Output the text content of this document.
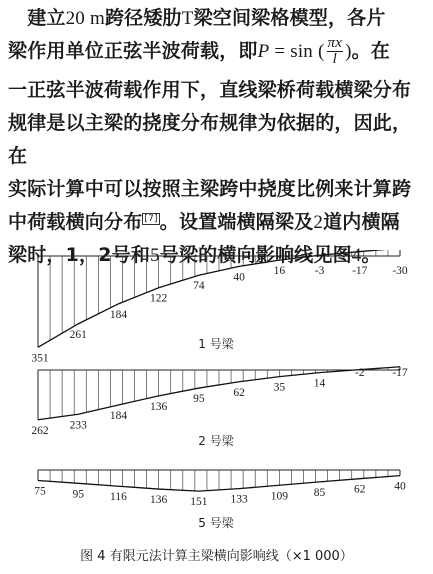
 建立20 m跨径矮肋T梁空间梁格模型，各片
梁作用单位正弦半波荷载，即P = sin ( $\frac{\pi x}{l}$ )。在
一正弦半波荷载作用下，直线梁桥荷载横梁分布
规律是以主梁的挠度分布规律为依据的，因此，在
实际计算中可以按照主梁跨中挠度比例来计算跨
中荷载横向分布 [7] 。设置端横隔梁及2道内横隔
梁时，1，2号和5号梁的横向影响线见图4。
351
261
184
122
74
40
16	-3 -17 -30
1 号梁
262 233
184
136
95
62 35 14
-2 -17
2 号梁
75 95 116 136 151 133 109 85 62 40
5 号梁
图 4 有限元法计算主梁横向影响线（×1 000）
